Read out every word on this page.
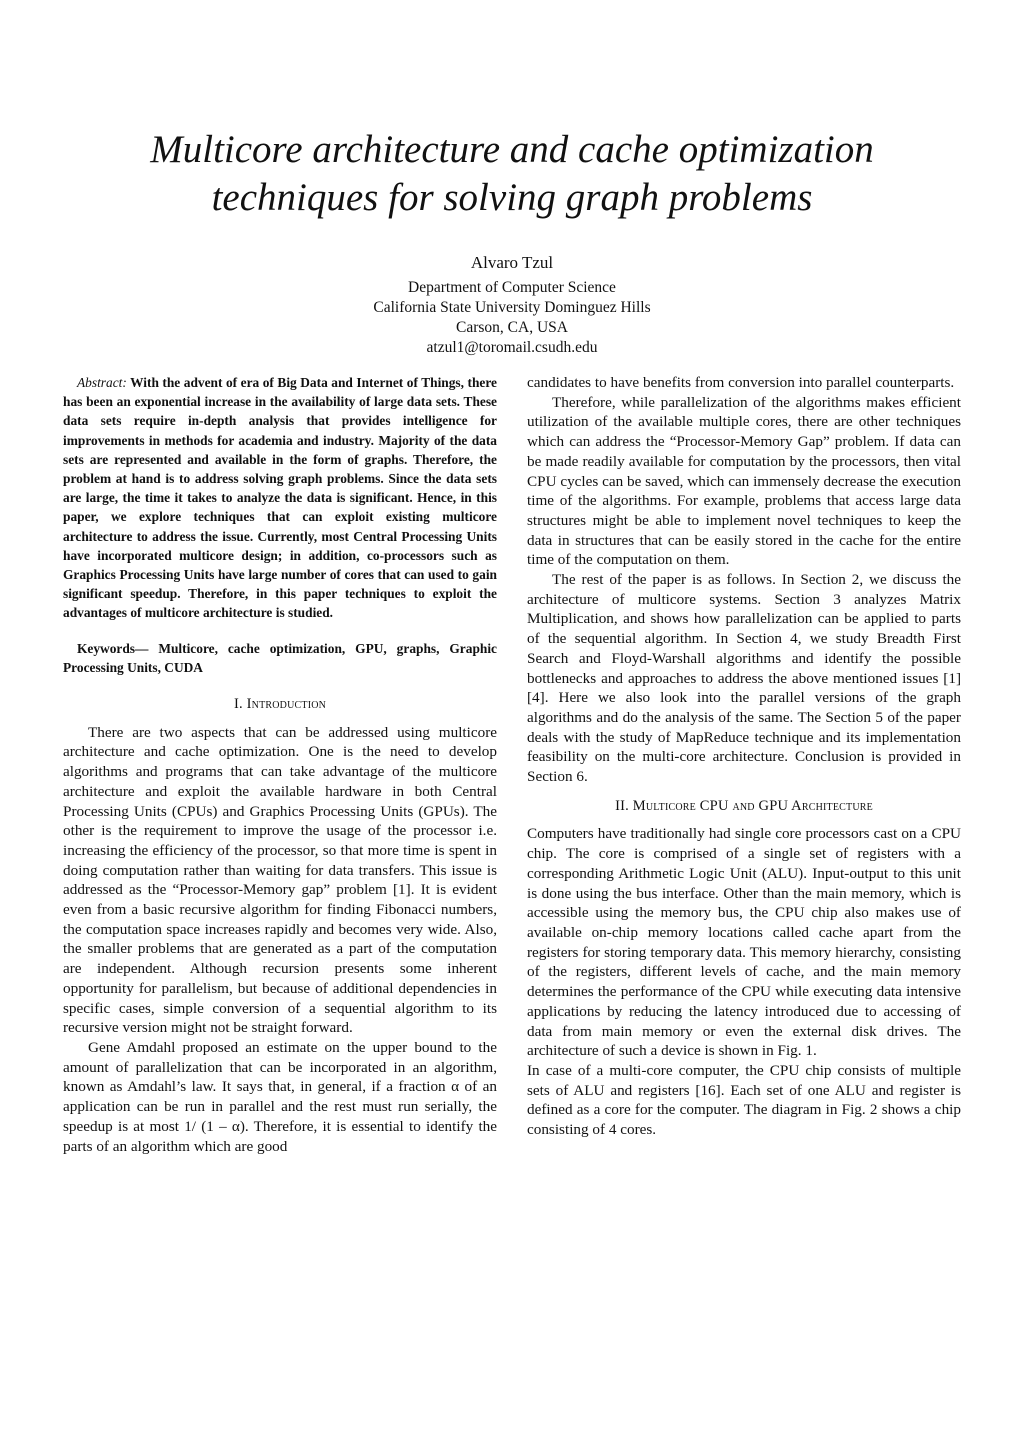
Multicore architecture and cache optimization
techniques for solving graph problems
Alvaro Tzul
Department of Computer Science
California State University Dominguez Hills
Carson, CA, USA
atzul1@toromail.csudh.edu

Abstract: With the advent of era of Big Data and Internet of Things, there has been an exponential increase in the availability of large data sets. These data sets require in-depth analysis that provides intelligence for improvements in methods for academia and industry. Majority of the data sets are represented and available in the form of graphs. Therefore, the problem at hand is to address solving graph problems. Since the data sets are large, the time it takes to analyze the data is significant. Hence, in this paper, we explore techniques that can exploit existing multicore architecture to address the issue. Currently, most Central Processing Units have incorporated multicore design; in addition, co-processors such as Graphics Processing Units have large number of cores that can used to gain significant speedup. Therefore, in this paper techniques to exploit the advantages of multicore architecture is studied.

Keywords— Multicore, cache optimization, GPU, graphs, Graphic Processing Units, CUDA

I. Introduction

There are two aspects that can be addressed using multicore architecture and cache optimization. One is the need to develop algorithms and programs that can take advantage of the multicore architecture and exploit the available hardware in both Central Processing Units (CPUs) and Graphics Processing Units (GPUs). The other is the requirement to improve the usage of the processor i.e. increasing the efficiency of the processor, so that more time is spent in doing computation rather than waiting for data transfers. This issue is addressed as the “Processor-Memory gap” problem [1]. It is evident even from a basic recursive algorithm for finding Fibonacci numbers, the computation space increases rapidly and becomes very wide. Also, the smaller problems that are generated as a part of the computation are independent. Although recursion presents some inherent opportunity for parallelism, but because of additional dependencies in specific cases, simple conversion of a sequential algorithm to its recursive version might not be straight forward.

Gene Amdahl proposed an estimate on the upper bound to the amount of parallelization that can be incorporated in an algorithm, known as Amdahl’s law. It says that, in general, if a fraction α of an application can be run in parallel and the rest must run serially, the speedup is at most 1/ (1 – α). Therefore, it is essential to identify the parts of an algorithm which are good

candidates to have benefits from conversion into parallel counterparts.

Therefore, while parallelization of the algorithms makes efficient utilization of the available multiple cores, there are other techniques which can address the “Processor-Memory Gap” problem. If data can be made readily available for computation by the processors, then vital CPU cycles can be saved, which can immensely decrease the execution time of the algorithms. For example, problems that access large data structures might be able to implement novel techniques to keep the data in structures that can be easily stored in the cache for the entire time of the computation on them.

The rest of the paper is as follows. In Section 2, we discuss the architecture of multicore systems. Section 3 analyzes Matrix Multiplication, and shows how parallelization can be applied to parts of the sequential algorithm. In Section 4, we study Breadth First Search and Floyd-Warshall algorithms and identify the possible bottlenecks and approaches to address the above mentioned issues [1] [4]. Here we also look into the parallel versions of the graph algorithms and do the analysis of the same. The Section 5 of the paper deals with the study of MapReduce technique and its implementation feasibility on the multi-core architecture. Conclusion is provided in Section 6.

II. Multicore CPU and GPU Architecture

Computers have traditionally had single core processors cast on a CPU chip. The core is comprised of a single set of registers with a corresponding Arithmetic Logic Unit (ALU). Input-output to this unit is done using the bus interface. Other than the main memory, which is accessible using the memory bus, the CPU chip also makes use of available on-chip memory locations called cache apart from the registers for storing temporary data. This memory hierarchy, consisting of the registers, different levels of cache, and the main memory determines the performance of the CPU while executing data intensive applications by reducing the latency introduced due to accessing of data from main memory or even the external disk drives. The architecture of such a device is shown in Fig. 1.

In case of a multi-core computer, the CPU chip consists of multiple sets of ALU and registers [16]. Each set of one ALU and register is defined as a core for the computer. The diagram in Fig. 2 shows a chip consisting of 4 cores.
